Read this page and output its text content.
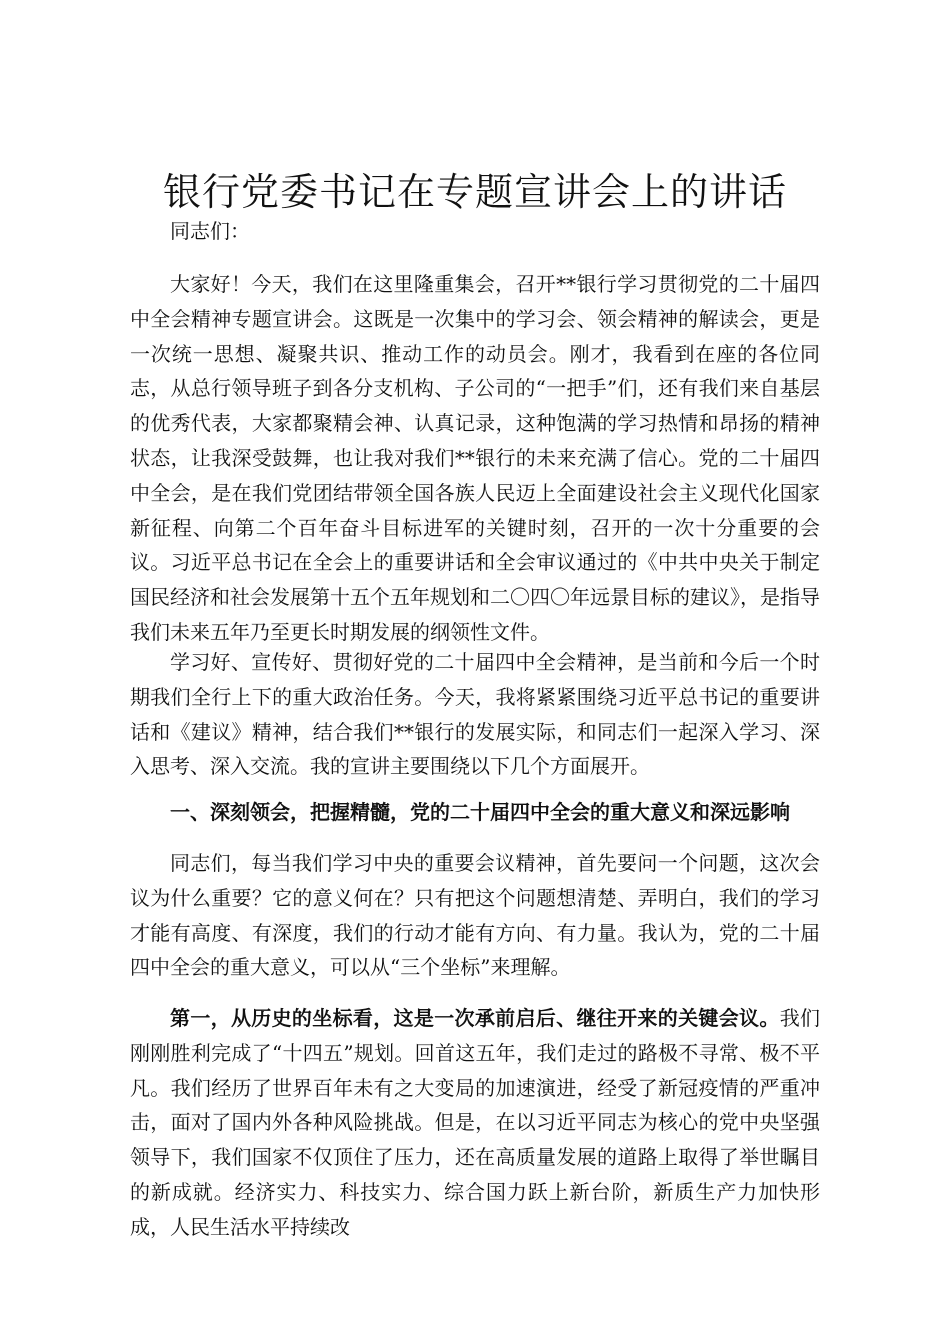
银行党委书记在专题宣讲会上的讲话

同志们：

大家好！今天，我们在这里隆重集会，召开**银行学习贯彻党的二十届四中全会精神专题宣讲会。这既是一次集中的学习会、领会精神的解读会，更是一次统一思想、凝聚共识、推动工作的动员会。刚才，我看到在座的各位同志，从总行领导班子到各分支机构、子公司的“一把手”们，还有我们来自基层的优秀代表，大家都聚精会神、认真记录，这种饱满的学习热情和昂扬的精神状态，让我深受鼓舞，也让我对我们**银行的未来充满了信心。党的二十届四中全会，是在我们党团结带领全国各族人民迈上全面建设社会主义现代化国家新征程、向第二个百年奋斗目标进军的关键时刻，召开的一次十分重要的会议。习近平总书记在全会上的重要讲话和全会审议通过的《中共中央关于制定国民经济和社会发展第十五个五年规划和二〇四〇年远景目标的建议》，是指导我们未来五年乃至更长时期发展的纲领性文件。

学习好、宣传好、贯彻好党的二十届四中全会精神，是当前和今后一个时期我们全行上下的重大政治任务。今天，我将紧紧围绕习近平总书记的重要讲话和《建议》精神，结合我们**银行的发展实际，和同志们一起深入学习、深入思考、深入交流。我的宣讲主要围绕以下几个方面展开。

一、深刻领会，把握精髓，党的二十届四中全会的重大意义和深远影响

同志们，每当我们学习中央的重要会议精神，首先要问一个问题，这次会议为什么重要？它的意义何在？只有把这个问题想清楚、弄明白，我们的学习才能有高度、有深度，我们的行动才能有方向、有力量。我认为，党的二十届四中全会的重大意义，可以从“三个坐标”来理解。

第一，从历史的坐标看，这是一次承前启后、继往开来的关键会议。我们刚刚胜利完成了“十四五”规划。回首这五年，我们走过的路极不寻常、极不平凡。我们经历了世界百年未有之大变局的加速演进，经受了新冠疫情的严重冲击，面对了国内外各种风险挑战。但是，在以习近平同志为核心的党中央坚强领导下，我们国家不仅顶住了压力，还在高质量发展的道路上取得了举世瞩目的新成就。经济实力、科技实力、综合国力跃上新台阶，新质生产力加快形成，人民生活水平持续改
